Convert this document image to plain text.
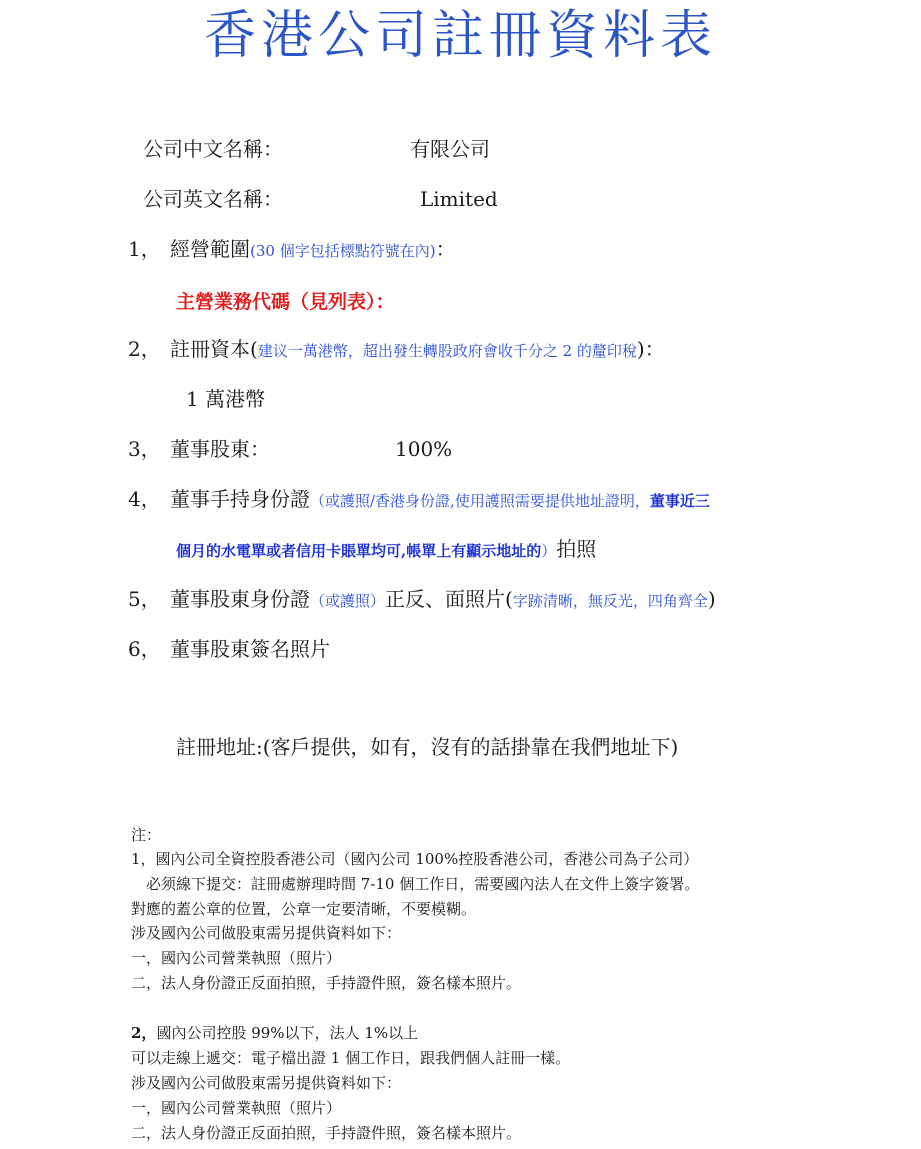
香港公司註冊資料表
公司中文名稱：	有限公司
公司英文名稱：	Limited
1， 經營範圍(30 個字包括標點符號在內)：
主營業務代碼（見列表）：
2， 註冊資本(建议一萬港幣，超出發生轉股政府會收千分之 2 的釐印稅)：
1 萬港幣
3， 董事股東：	100%
4， 董事手持身份證（或護照/香港身份證,使用護照需要提供地址證明，董事近三
個月的水電單或者信用卡賬單均可,帳單上有顯示地址的）拍照
5， 董事股東身份證（或護照）正反、面照片(字跡清晰，無反光，四角齊全)
6， 董事股東簽名照片
註冊地址:(客戶提供，如有，沒有的話掛靠在我們地址下)
注：
1，國內公司全資控股香港公司（國內公司 100%控股香港公司，香港公司為子公司）
必须線下提交：註冊處辦理時間 7-10 個工作日，需要國內法人在文件上簽字簽署。
對應的蓋公章的位置，公章一定要清晰，不要模糊。
涉及國內公司做股東需另提供資料如下：
一，國內公司營業執照（照片）
二，法人身份證正反面拍照，手持證件照，簽名樣本照片。
2，國內公司控股 99%以下，法人 1%以上
可以走線上遞交：電子檔出證 1 個工作日，跟我們個人註冊一樣。
涉及國內公司做股東需另提供資料如下：
一，國內公司營業執照（照片）
二，法人身份證正反面拍照，手持證件照，簽名樣本照片。
